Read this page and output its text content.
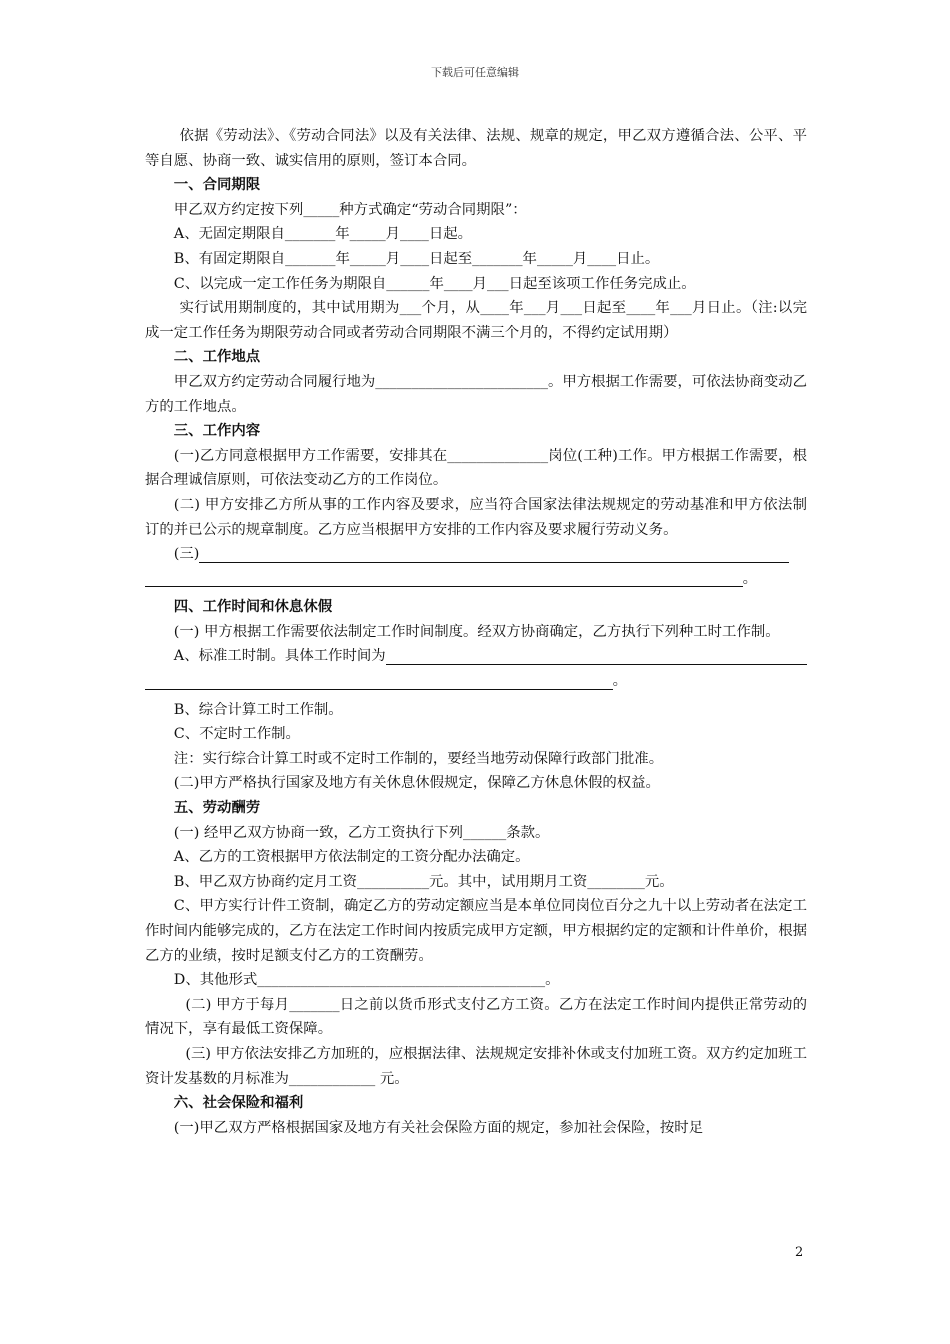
下载后可任意编辑

依据《劳动法》、《劳动合同法》以及有关法律、法规、规章的规定，甲乙双方遵循合法、公平、平等自愿、协商一致、诚实信用的原则，签订本合同。

一、合同期限

甲乙双方约定按下列_____种方式确定“劳动合同期限”：

A、无固定期限自_______年_____月____日起。

B、有固定期限自_______年_____月____日起至_______年_____月____日止。

C、以完成一定工作任务为期限自______年____月___日起至该项工作任务完成止。

实行试用期制度的，其中试用期为___个月，从____年___月___日起至____年___月日止。（注:以完成一定工作任务为期限劳动合同或者劳动合同期限不满三个月的，不得约定试用期）

二、工作地点

甲乙双方约定劳动合同履行地为________________________。甲方根据工作需要，可依法协商变动乙方的工作地点。

三、工作内容

(一)乙方同意根据甲方工作需要，安排其在______________岗位(工种)工作。甲方根据工作需要，根据合理诚信原则，可依法变动乙方的工作岗位。

(二) 甲方安排乙方所从事的工作内容及要求，应当符合国家法律法规规定的劳动基准和甲方依法制订的并已公示的规章制度。乙方应当根据甲方安排的工作内容及要求履行劳动义务。

(三)
。

四、工作时间和休息休假

(一) 甲方根据工作需要依法制定工作时间制度。经双方协商确定，乙方执行下列种工时工作制。

A、标准工时制。具体工作时间为
。

B、综合计算工时工作制。

C、不定时工作制。

注：实行综合计算工时或不定时工作制的，要经当地劳动保障行政部门批准。

(二)甲方严格执行国家及地方有关休息休假规定，保障乙方休息休假的权益。

五、劳动酬劳

(一) 经甲乙双方协商一致，乙方工资执行下列______条款。

A、乙方的工资根据甲方依法制定的工资分配办法确定。

B、甲乙双方协商约定月工资__________元。其中，试用期月工资________元。

C、甲方实行计件工资制，确定乙方的劳动定额应当是本单位同岗位百分之九十以上劳动者在法定工作时间内能够完成的，乙方在法定工作时间内按质完成甲方定额，甲方根据约定的定额和计件单价，根据乙方的业绩，按时足额支付乙方的工资酬劳。

D、其他形式________________________________________。

(二) 甲方于每月_______日之前以货币形式支付乙方工资。乙方在法定工作时间内提供正常劳动的情况下，享有最低工资保障。

(三) 甲方依法安排乙方加班的，应根据法律、法规规定安排补休或支付加班工资。双方约定加班工资计发基数的月标准为____________ 元。

六、社会保险和福利

(一)甲乙双方严格根据国家及地方有关社会保险方面的规定，参加社会保险，按时足

2
